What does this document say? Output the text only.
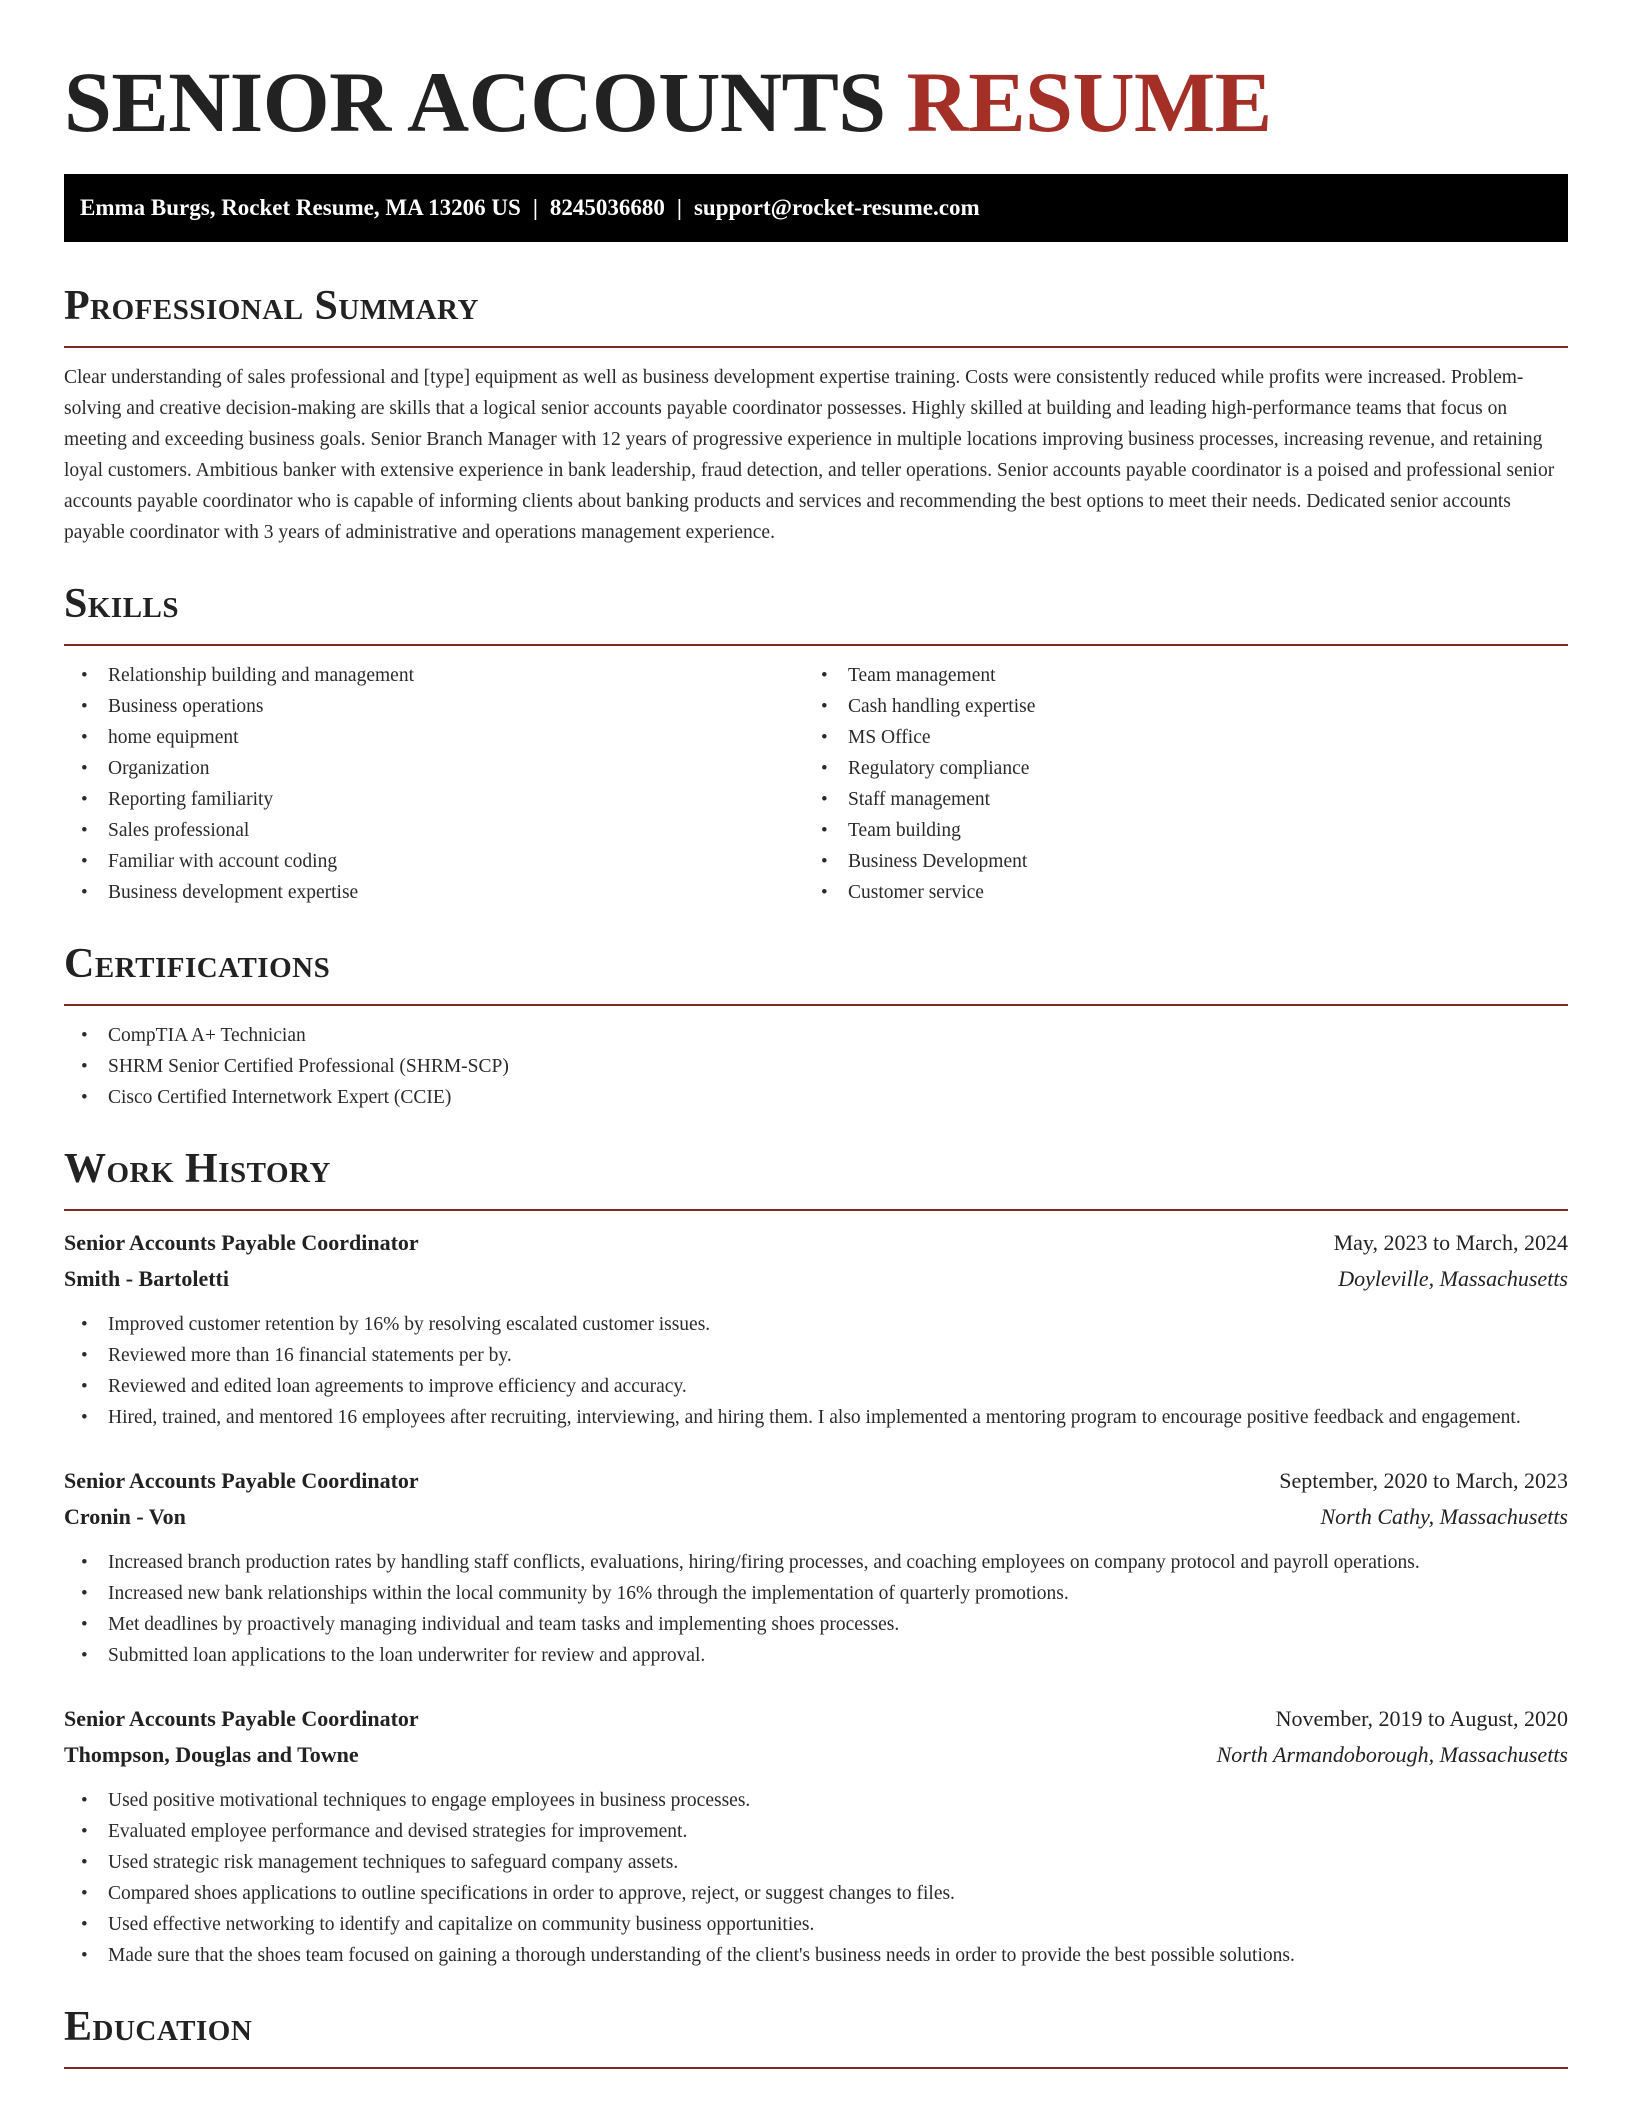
SENIOR ACCOUNTS RESUME
Emma Burgs, Rocket Resume, MA 13206 US | 8245036680 | support@rocket-resume.com
Professional Summary

Clear understanding of sales professional and [type] equipment as well as business development expertise training. Costs were consistently reduced while profits were increased. Problem-solving and creative decision-making are skills that a logical senior accounts payable coordinator possesses. Highly skilled at building and leading high-performance teams that focus on meeting and exceeding business goals. Senior Branch Manager with 12 years of progressive experience in multiple locations improving business processes, increasing revenue, and retaining loyal customers. Ambitious banker with extensive experience in bank leadership, fraud detection, and teller operations. Senior accounts payable coordinator is a poised and professional senior accounts payable coordinator who is capable of informing clients about banking products and services and recommending the best options to meet their needs. Dedicated senior accounts payable coordinator with 3 years of administrative and operations management experience.

Skills
• Relationship building and management
• Business operations
• home equipment
• Organization
• Reporting familiarity
• Sales professional
• Familiar with account coding
• Business development expertise
• Team management
• Cash handling expertise
• MS Office
• Regulatory compliance
• Staff management
• Team building
• Business Development
• Customer service
Certifications
• CompTIA A+ Technician
• SHRM Senior Certified Professional (SHRM-SCP)
• Cisco Certified Internetwork Expert (CCIE)
Work History
Senior Accounts Payable Coordinator	May, 2023 to March, 2024
Smith - Bartoletti	Doyleville, Massachusetts
• Improved customer retention by 16% by resolving escalated customer issues.
• Reviewed more than 16 financial statements per by.
• Reviewed and edited loan agreements to improve efficiency and accuracy.
• Hired, trained, and mentored 16 employees after recruiting, interviewing, and hiring them. I also implemented a mentoring program to encourage positive feedback and engagement.
Senior Accounts Payable Coordinator	September, 2020 to March, 2023
Cronin - Von	North Cathy, Massachusetts
• Increased branch production rates by handling staff conflicts, evaluations, hiring/firing processes, and coaching employees on company protocol and payroll operations.
• Increased new bank relationships within the local community by 16% through the implementation of quarterly promotions.
• Met deadlines by proactively managing individual and team tasks and implementing shoes processes.
• Submitted loan applications to the loan underwriter for review and approval.
Senior Accounts Payable Coordinator	November, 2019 to August, 2020
Thompson, Douglas and Towne	North Armandoborough, Massachusetts
• Used positive motivational techniques to engage employees in business processes.
• Evaluated employee performance and devised strategies for improvement.
• Used strategic risk management techniques to safeguard company assets.
• Compared shoes applications to outline specifications in order to approve, reject, or suggest changes to files.
• Used effective networking to identify and capitalize on community business opportunities.
• Made sure that the shoes team focused on gaining a thorough understanding of the client's business needs in order to provide the best possible solutions.
Education
